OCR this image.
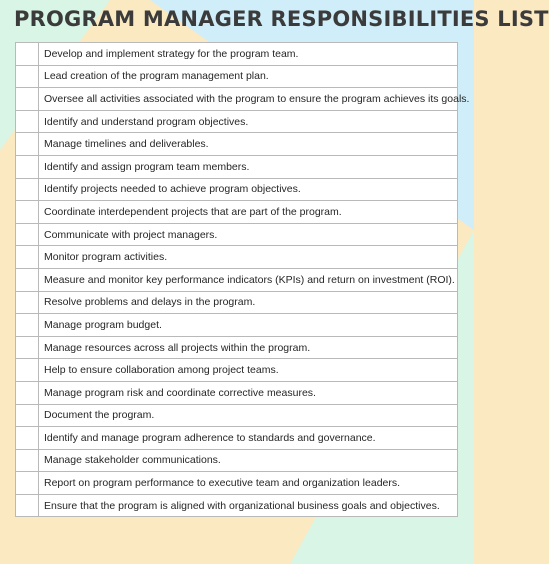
PROGRAM MANAGER RESPONSIBILITIES LIST
	Develop and implement strategy for the program team.
	Lead creation of the program management plan.
	Oversee all activities associated with the program to ensure the program achieves its goals.
	Identify and understand program objectives.
	Manage timelines and deliverables.
	Identify and assign program team members.
	Identify projects needed to achieve program objectives.
	Coordinate interdependent projects that are part of the program.
	Communicate with project managers.
	Monitor program activities.
	Measure and monitor key performance indicators (KPIs) and return on investment (ROI).
	Resolve problems and delays in the program.
	Manage program budget.
	Manage resources across all projects within the program.
	Help to ensure collaboration among project teams.
	Manage program risk and coordinate corrective measures.
	Document the program.
	Identify and manage program adherence to standards and governance.
	Manage stakeholder communications.
	Report on program performance to executive team and organization leaders.
	Ensure that the program is aligned with organizational business goals and objectives.
